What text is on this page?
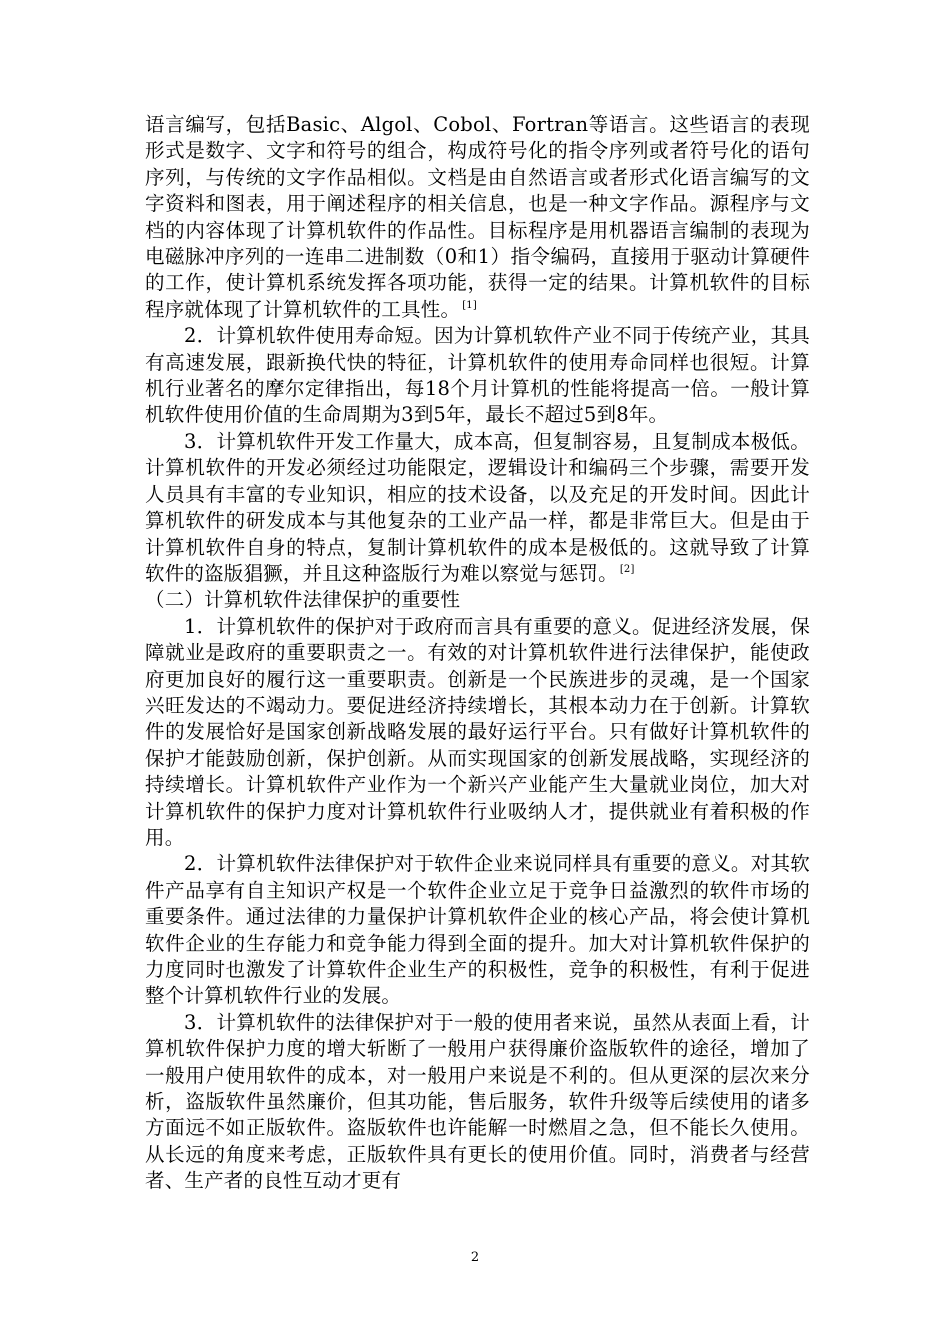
语言编写，包括Basic、Algol、Cobol、Fortran等语言。这些语言的表现形式是数字、文字和符号的组合，构成符号化的指令序列或者符号化的语句序列，与传统的文字作品相似。文档是由自然语言或者形式化语言编写的文字资料和图表，用于阐述程序的相关信息，也是一种文字作品。源程序与文档的内容体现了计算机软件的作品性。目标程序是用机器语言编制的表现为电磁脉冲序列的一连串二进制数（0和1）指令编码，直接用于驱动计算硬件的工作，使计算机系统发挥各项功能，获得一定的结果。计算机软件的目标程序就体现了计算机软件的工具性。 [1]

2．计算机软件使用寿命短。因为计算机软件产业不同于传统产业，其具有高速发展，跟新换代快的特征，计算机软件的使用寿命同样也很短。计算机行业著名的摩尔定律指出，每18个月计算机的性能将提高一倍。一般计算机软件使用价值的生命周期为3到5年，最长不超过5到8年。

3．计算机软件开发工作量大，成本高，但复制容易，且复制成本极低。计算机软件的开发必须经过功能限定，逻辑设计和编码三个步骤，需要开发人员具有丰富的专业知识，相应的技术设备，以及充足的开发时间。因此计算机软件的研发成本与其他复杂的工业产品一样，都是非常巨大。但是由于计算机软件自身的特点，复制计算机软件的成本是极低的。这就导致了计算软件的盗版猖獗，并且这种盗版行为难以察觉与惩罚。 [2]

（二）计算机软件法律保护的重要性

1．计算机软件的保护对于政府而言具有重要的意义。促进经济发展，保障就业是政府的重要职责之一。有效的对计算机软件进行法律保护，能使政府更加良好的履行这一重要职责。创新是一个民族进步的灵魂，是一个国家兴旺发达的不竭动力。要促进经济持续增长，其根本动力在于创新。计算软件的发展恰好是国家创新战略发展的最好运行平台。只有做好计算机软件的保护才能鼓励创新，保护创新。从而实现国家的创新发展战略，实现经济的持续增长。计算机软件产业作为一个新兴产业能产生大量就业岗位，加大对计算机软件的保护力度对计算机软件行业吸纳人才，提供就业有着积极的作用。

2．计算机软件法律保护对于软件企业来说同样具有重要的意义。对其软件产品享有自主知识产权是一个软件企业立足于竞争日益激烈的软件市场的重要条件。通过法律的力量保护计算机软件企业的核心产品，将会使计算机软件企业的生存能力和竞争能力得到全面的提升。加大对计算机软件保护的力度同时也激发了计算软件企业生产的积极性，竞争的积极性，有利于促进整个计算机软件行业的发展。

3．计算机软件的法律保护对于一般的使用者来说，虽然从表面上看，计算机软件保护力度的增大斩断了一般用户获得廉价盗版软件的途径，增加了一般用户使用软件的成本，对一般用户来说是不利的。但从更深的层次来分析，盗版软件虽然廉价，但其功能，售后服务，软件升级等后续使用的诸多方面远不如正版软件。盗版软件也许能解一时燃眉之急，但不能长久使用。从长远的角度来考虑，正版软件具有更长的使用价值。同时，消费者与经营者、生产者的良性互动才更有

2
